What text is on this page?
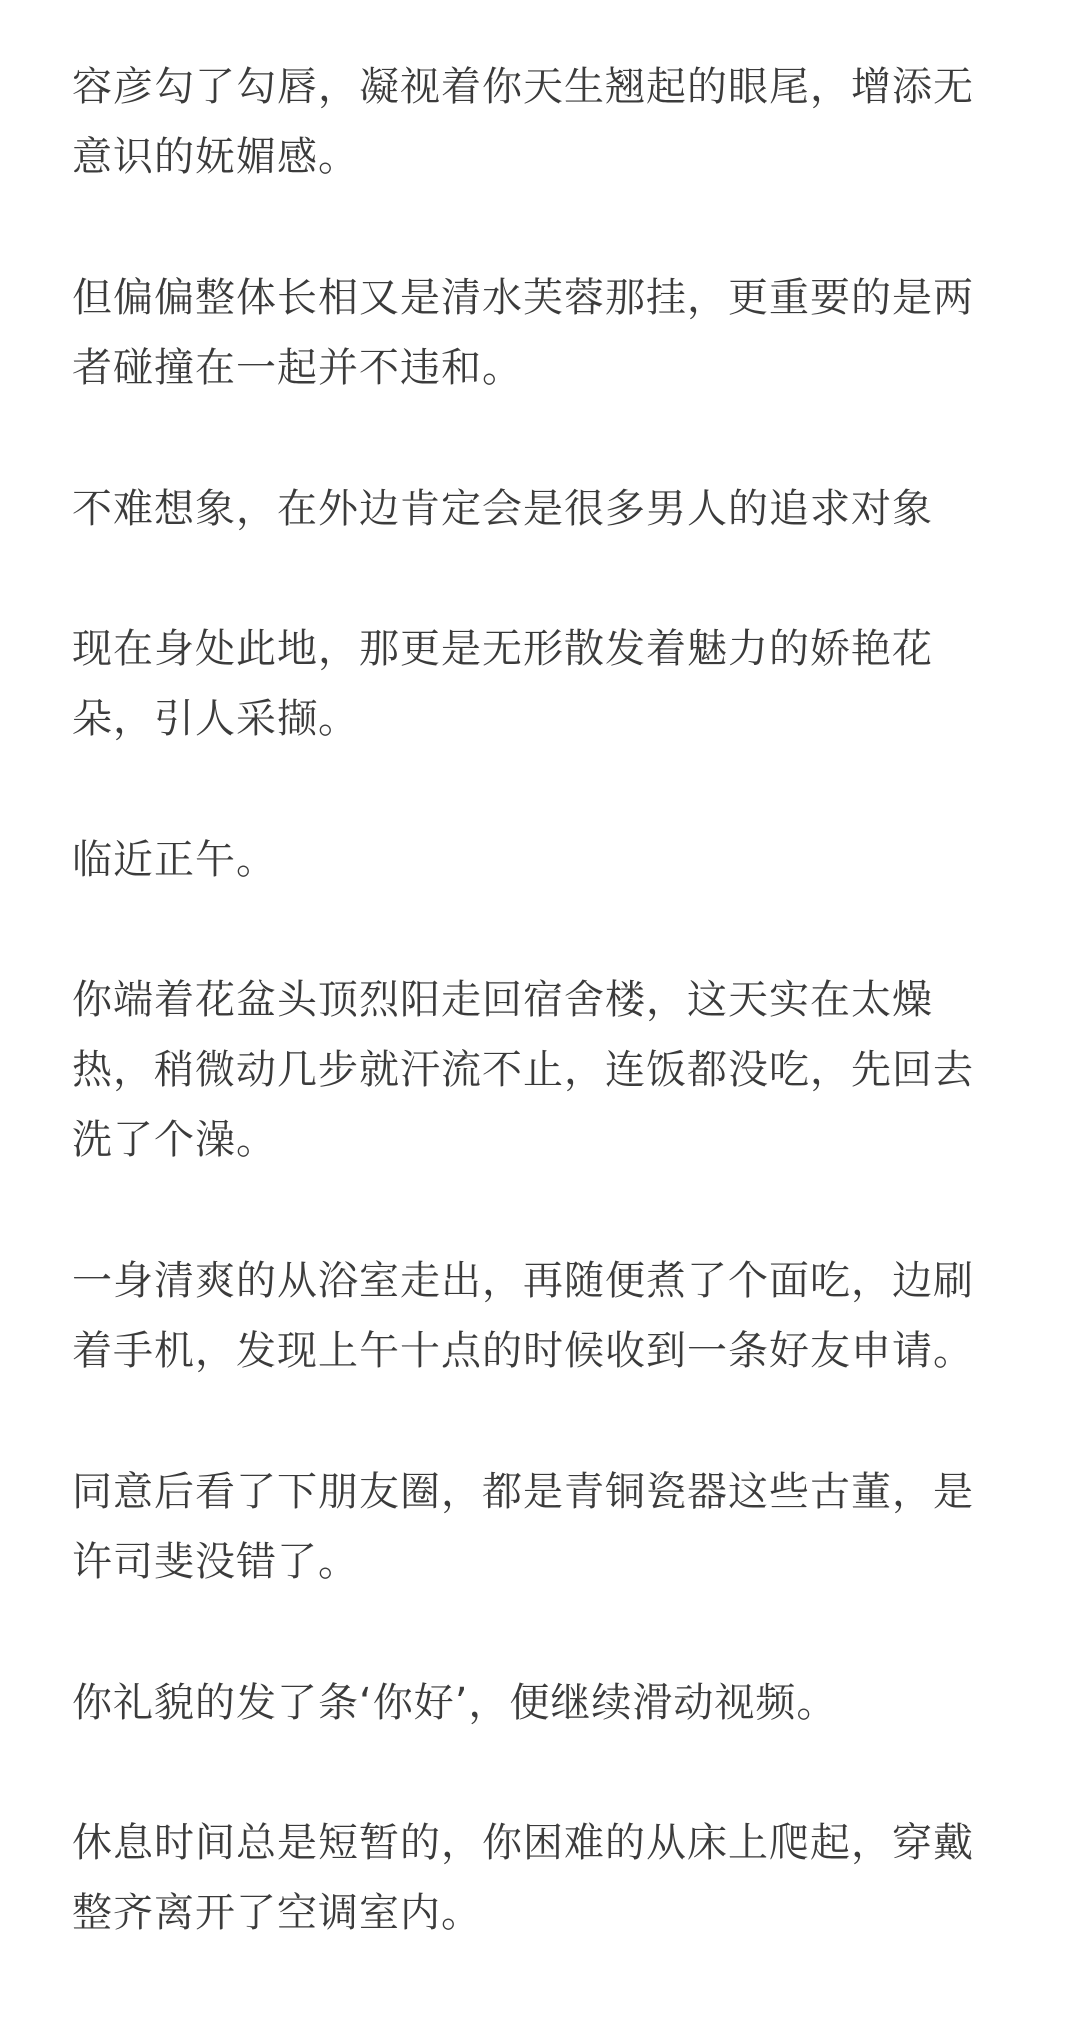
容彦勾了勾唇，凝视着你天生翘起的眼尾，增添无意识的妩媚感。

但偏偏整体长相又是清水芙蓉那挂，更重要的是两者碰撞在一起并不违和。

不难想象，在外边肯定会是很多男人的追求对象

现在身处此地，那更是无形散发着魅力的娇艳花朵，引人采撷。

临近正午。

你端着花盆头顶烈阳走回宿舍楼，这天实在太燥热，稍微动几步就汗流不止，连饭都没吃，先回去洗了个澡。

一身清爽的从浴室走出，再随便煮了个面吃，边刷着手机，发现上午十点的时候收到一条好友申请。

同意后看了下朋友圈，都是青铜瓷器这些古董，是许司斐没错了。

你礼貌的发了条‘你好’，便继续滑动视频。

休息时间总是短暂的，你困难的从床上爬起，穿戴整齐离开了空调室内。
